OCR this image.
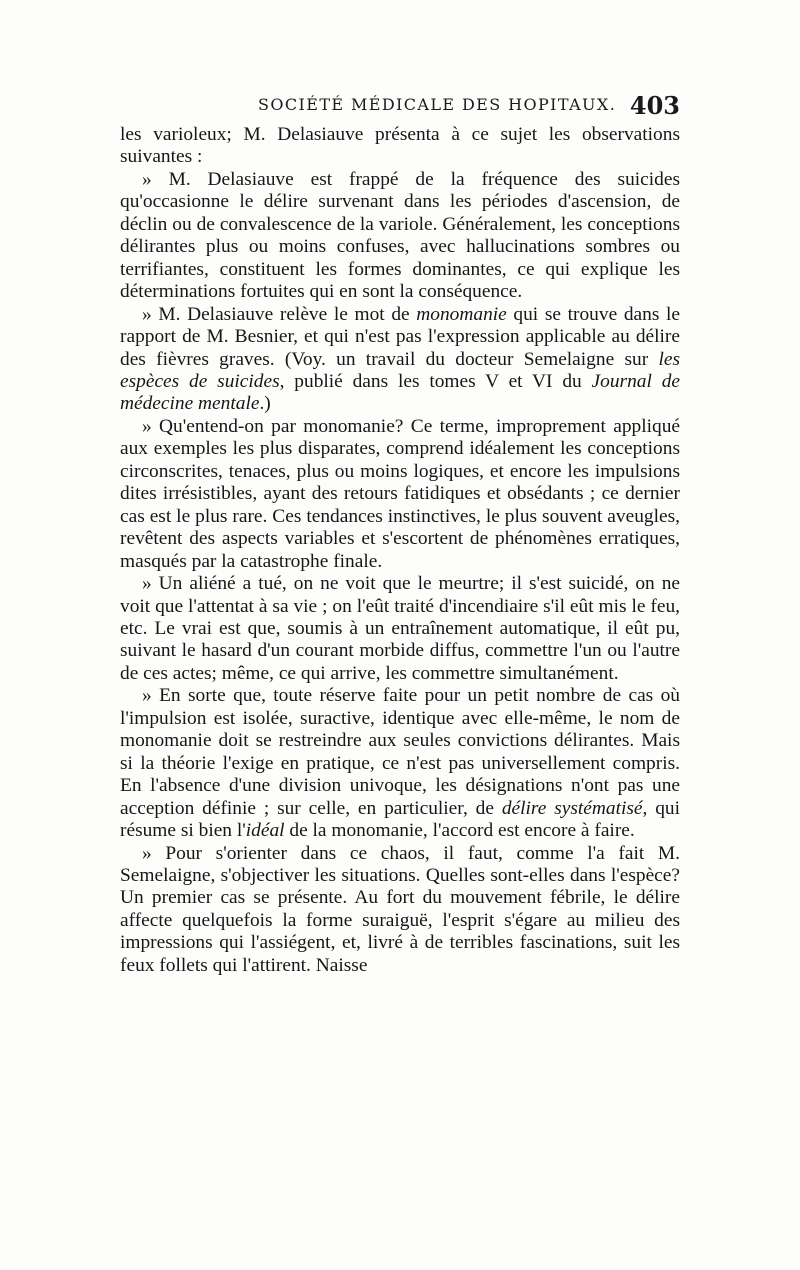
SOCIÉTÉ MÉDICALE DES HOPITAUX. 403

les varioleux; M. Delasiauve présenta à ce sujet les observations suivantes :

» M. Delasiauve est frappé de la fréquence des suicides qu'occasionne le délire survenant dans les périodes d'ascension, de déclin ou de convalescence de la variole. Généralement, les conceptions délirantes plus ou moins confuses, avec hallucinations sombres ou terrifiantes, constituent les formes dominantes, ce qui explique les déterminations fortuites qui en sont la conséquence.

» M. Delasiauve relève le mot de monomanie qui se trouve dans le rapport de M. Besnier, et qui n'est pas l'expression applicable au délire des fièvres graves. (Voy. un travail du docteur Semelaigne sur les espèces de suicides, publié dans les tomes V et VI du Journal de médecine mentale.)

» Qu'entend-on par monomanie? Ce terme, improprement appliqué aux exemples les plus disparates, comprend idéalement les conceptions circonscrites, tenaces, plus ou moins logiques, et encore les impulsions dites irrésistibles, ayant des retours fatidiques et obsédants ; ce dernier cas est le plus rare. Ces tendances instinctives, le plus souvent aveugles, revêtent des aspects variables et s'escortent de phénomènes erratiques, masqués par la catastrophe finale.

» Un aliéné a tué, on ne voit que le meurtre; il s'est suicidé, on ne voit que l'attentat à sa vie ; on l'eût traité d'incendiaire s'il eût mis le feu, etc. Le vrai est que, soumis à un entraînement automatique, il eût pu, suivant le hasard d'un courant morbide diffus, commettre l'un ou l'autre de ces actes; même, ce qui arrive, les commettre simultanément.

» En sorte que, toute réserve faite pour un petit nombre de cas où l'impulsion est isolée, suractive, identique avec elle-même, le nom de monomanie doit se restreindre aux seules convictions délirantes. Mais si la théorie l'exige en pratique, ce n'est pas universellement compris. En l'absence d'une division univoque, les désignations n'ont pas une acception définie ; sur celle, en particulier, de délire systématisé, qui résume si bien l'idéal de la monomanie, l'accord est encore à faire.

» Pour s'orienter dans ce chaos, il faut, comme l'a fait M. Semelaigne, s'objectiver les situations. Quelles sont-elles dans l'espèce? Un premier cas se présente. Au fort du mouvement fébrile, le délire affecte quelquefois la forme suraiguë, l'esprit s'égare au milieu des impressions qui l'assiégent, et, livré à de terribles fascinations, suit les feux follets qui l'attirent. Naisse
